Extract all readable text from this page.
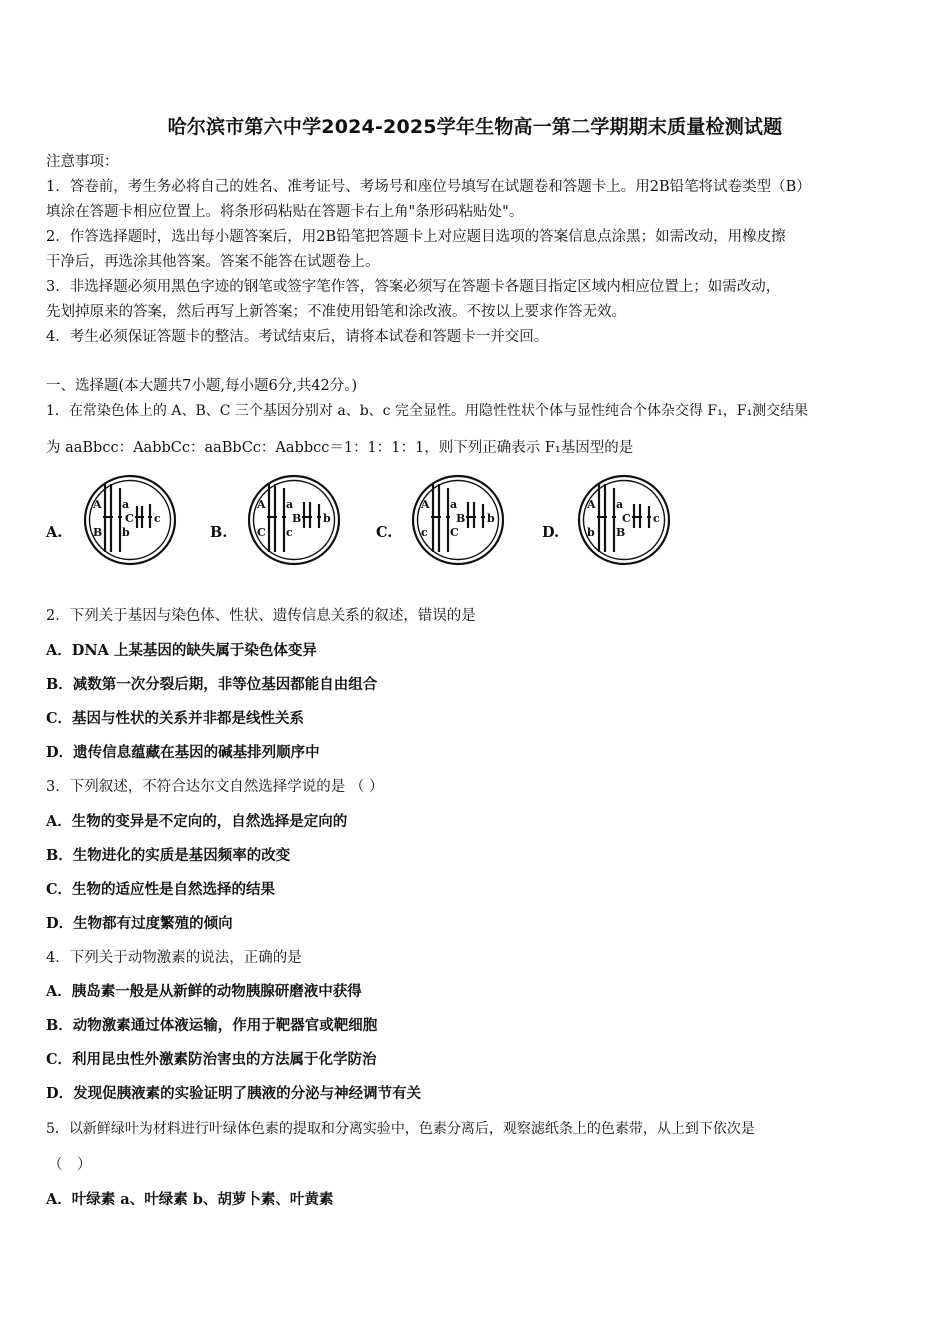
哈尔滨市第六中学2024-2025学年生物高一第二学期期末质量检测试题
注意事项：
1．答卷前，考生务必将自己的姓名、准考证号、考场号和座位号填写在试题卷和答题卡上。用2B铅笔将试卷类型（B）
填涂在答题卡相应位置上。将条形码粘贴在答题卡右上角"条形码粘贴处"。
2．作答选择题时，选出每小题答案后，用2B铅笔把答题卡上对应题目选项的答案信息点涂黑；如需改动，用橡皮擦
干净后，再选涂其他答案。答案不能答在试题卷上。
3．非选择题必须用黑色字迹的钢笔或签字笔作答，答案必须写在答题卡各题目指定区域内相应位置上；如需改动，
先划掉原来的答案，然后再写上新答案；不准使用铅笔和涂改液。不按以上要求作答无效。
4．考生必须保证答题卡的整洁。考试结束后，请将本试卷和答题卡一并交回。
一、选择题(本大题共7小题,每小题6分,共42分。)
1．在常染色体上的 A、B、C 三个基因分别对 a、b、c 完全显性。用隐性性状个体与显性纯合个体杂交得 F₁，F₁测交结果
为 aaBbcc：AabbCc：aaBbCc：Aabbcc＝1：1：1：1，则下列正确表示 F₁基因型的是
A.
A a
B b
C c
B.
A a
C c
B b
C.
A a
c C
B b
D.
A a
b B
C c
2．下列关于基因与染色体、性状、遗传信息关系的叙述，错误的是
A．DNA 上某基因的缺失属于染色体变异
B．减数第一次分裂后期，非等位基因都能自由组合
C．基因与性状的关系并非都是线性关系
D．遗传信息蕴藏在基因的碱基排列顺序中
3．下列叙述，不符合达尔文自然选择学说的是 （ ）
A．生物的变异是不定向的，自然选择是定向的
B．生物进化的实质是基因频率的改变
C．生物的适应性是自然选择的结果
D．生物都有过度繁殖的倾向
4．下列关于动物激素的说法，正确的是
A．胰岛素一般是从新鲜的动物胰腺研磨液中获得
B．动物激素通过体液运输，作用于靶器官或靶细胞
C．利用昆虫性外激素防治害虫的方法属于化学防治
D．发现促胰液素的实验证明了胰液的分泌与神经调节有关
5．以新鲜绿叶为材料进行叶绿体色素的提取和分离实验中，色素分离后，观察滤纸条上的色素带，从上到下依次是
（　）
A．叶绿素 a、叶绿素 b、胡萝卜素、叶黄素
